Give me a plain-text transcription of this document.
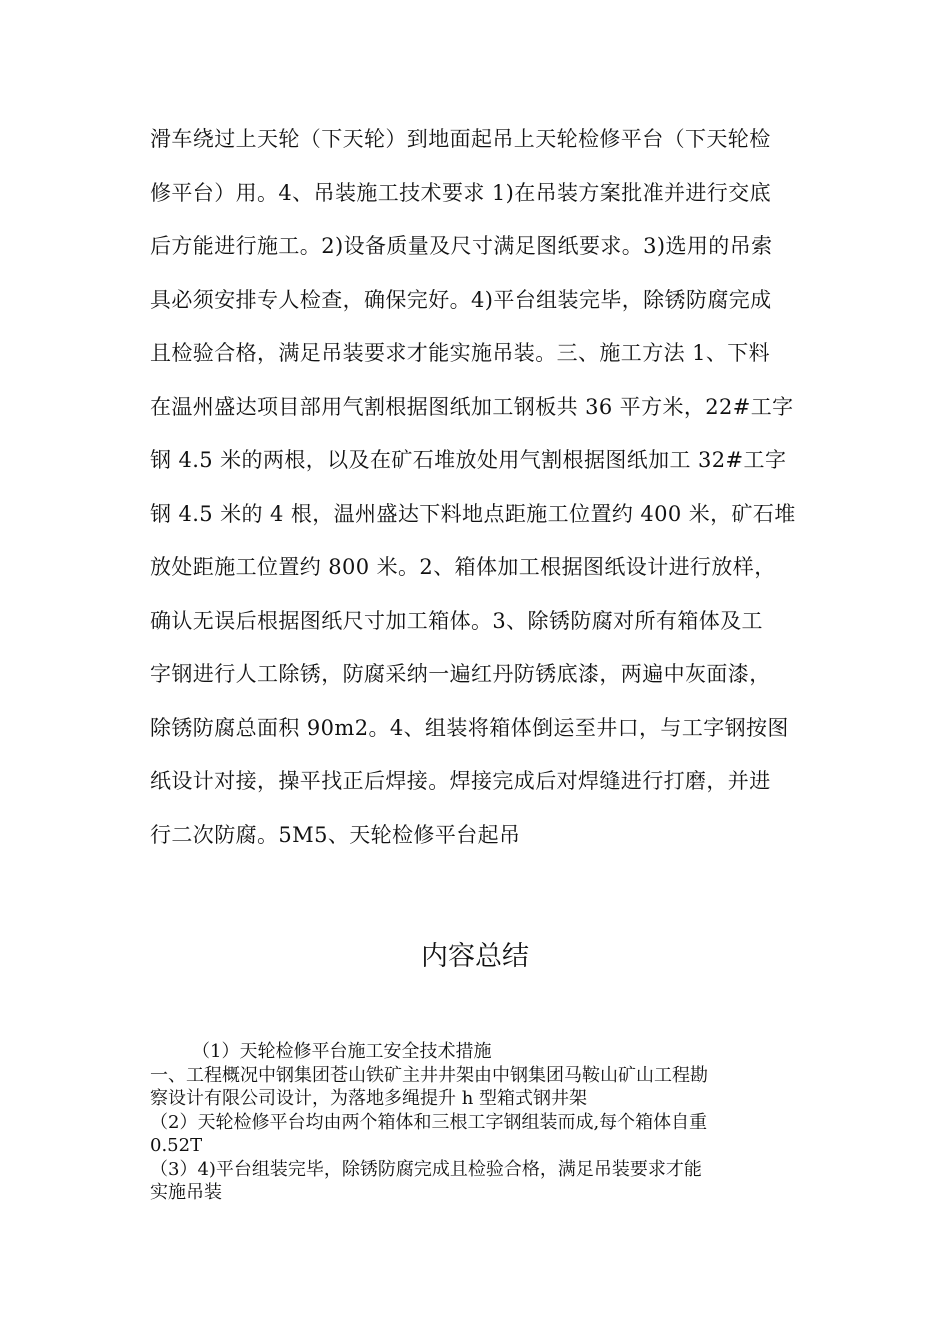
滑车绕过上天轮（下天轮）到地面起吊上天轮检修平台（下天轮检
修平台）用。4、吊装施工技术要求 1)在吊装方案批准并进行交底
后方能进行施工。2)设备质量及尺寸满足图纸要求。3)选用的吊索
具必须安排专人检查，确保完好。4)平台组装完毕，除锈防腐完成
且检验合格，满足吊装要求才能实施吊装。三、施工方法 1、下料
在温州盛达项目部用气割根据图纸加工钢板共 36 平方米，22#工字
钢 4.5 米的两根，以及在矿石堆放处用气割根据图纸加工 32#工字
钢 4.5 米的 4 根，温州盛达下料地点距施工位置约 400 米，矿石堆
放处距施工位置约 800 米。2、箱体加工根据图纸设计进行放样，
确认无误后根据图纸尺寸加工箱体。3、除锈防腐对所有箱体及工
字钢进行人工除锈，防腐采纳一遍红丹防锈底漆，两遍中灰面漆，
除锈防腐总面积 90m2。4、组装将箱体倒运至井口，与工字钢按图
纸设计对接，操平找正后焊接。焊接完成后对焊缝进行打磨，并进
行二次防腐。5M5、天轮检修平台起吊
内容总结
（1）天轮检修平台施工安全技术措施
一、工程概况中钢集团苍山铁矿主井井架由中钢集团马鞍山矿山工程勘
察设计有限公司设计，为落地多绳提升 h 型箱式钢井架
（2）天轮检修平台均由两个箱体和三根工字钢组装而成,每个箱体自重
0.52T
（3）4)平台组装完毕，除锈防腐完成且检验合格，满足吊装要求才能
实施吊装
